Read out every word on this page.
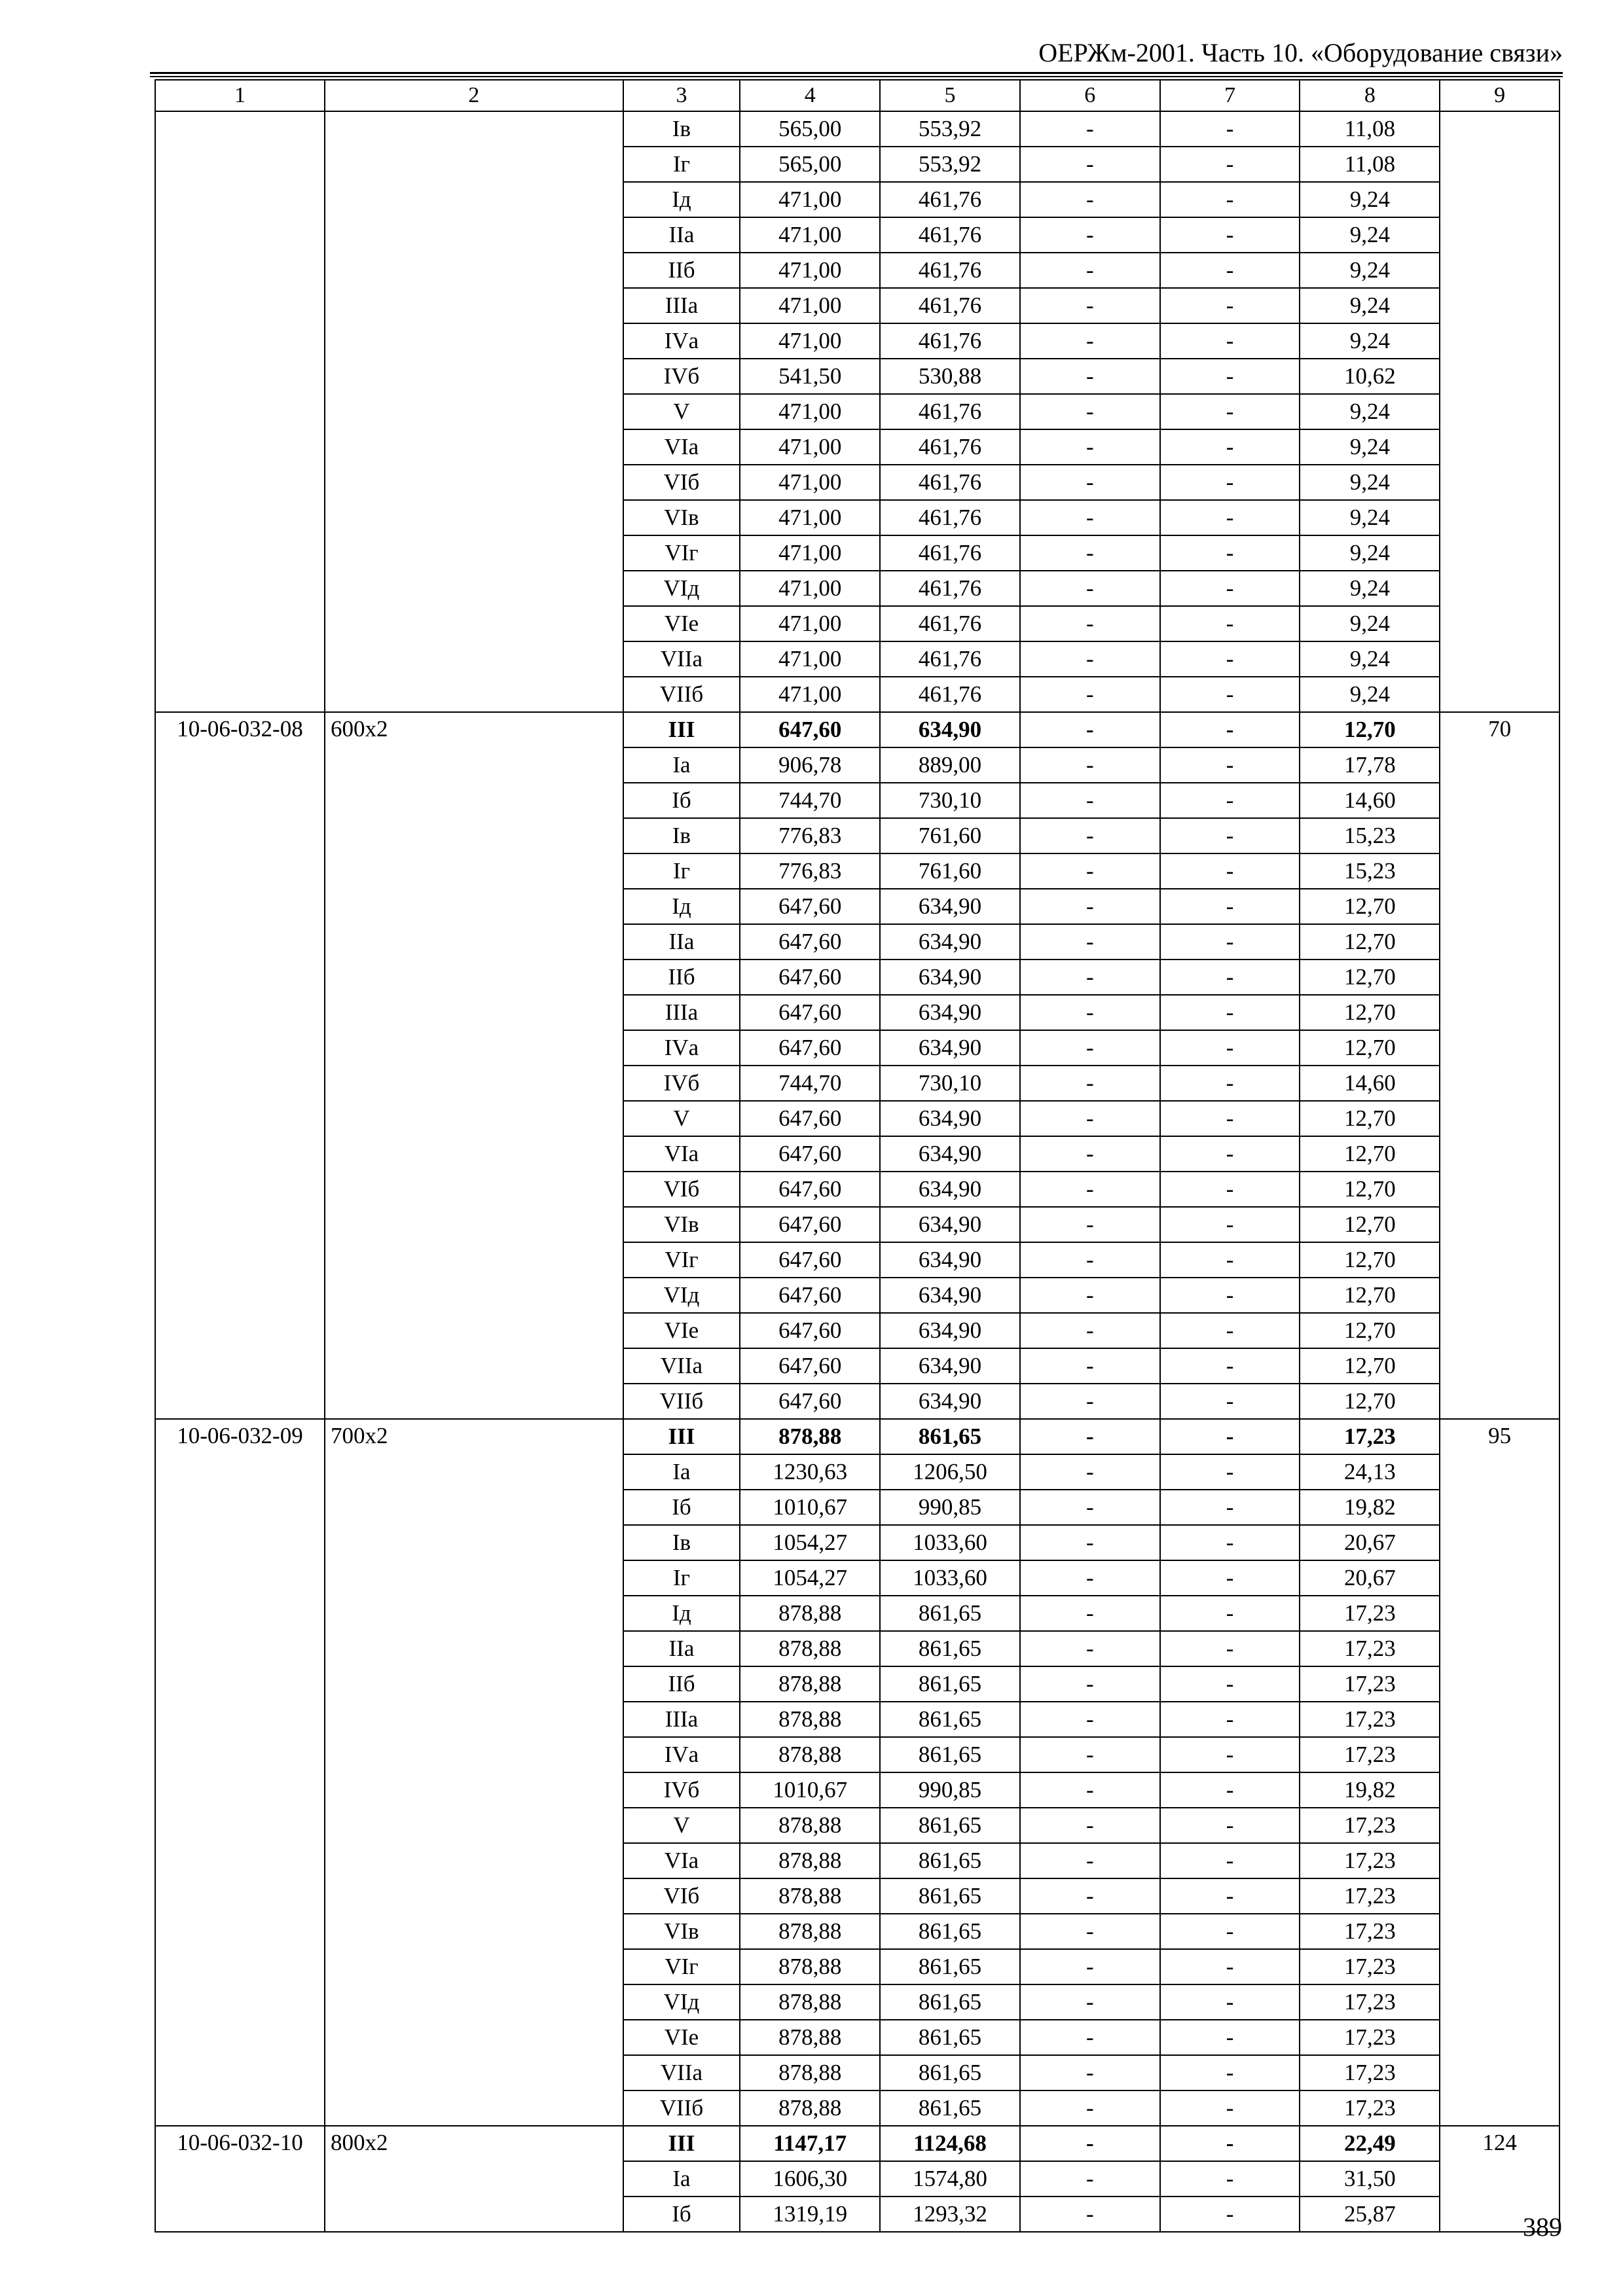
ОЕРЖм-2001. Часть 10. «Оборудование связи»
1	2	3	4	5	6	7	8	9
		Iв	565,00	553,92	-	-	11,08	
		Iг	565,00	553,92	-	-	11,08	
		Iд	471,00	461,76	-	-	9,24	
		IIа	471,00	461,76	-	-	9,24	
		IIб	471,00	461,76	-	-	9,24	
		IIIа	471,00	461,76	-	-	9,24	
		IVа	471,00	461,76	-	-	9,24	
		IVб	541,50	530,88	-	-	10,62	
		V	471,00	461,76	-	-	9,24	
		VIа	471,00	461,76	-	-	9,24	
		VIб	471,00	461,76	-	-	9,24	
		VIв	471,00	461,76	-	-	9,24	
		VIг	471,00	461,76	-	-	9,24	
		VIд	471,00	461,76	-	-	9,24	
		VIе	471,00	461,76	-	-	9,24	
		VIIа	471,00	461,76	-	-	9,24	
		VIIб	471,00	461,76	-	-	9,24	
10-06-032-08	600x2	III	647,60	634,90	-	-	12,70	70
		Iа	906,78	889,00	-	-	17,78	
		Iб	744,70	730,10	-	-	14,60	
		Iв	776,83	761,60	-	-	15,23	
		Iг	776,83	761,60	-	-	15,23	
		Iд	647,60	634,90	-	-	12,70	
		IIа	647,60	634,90	-	-	12,70	
		IIб	647,60	634,90	-	-	12,70	
		IIIа	647,60	634,90	-	-	12,70	
		IVа	647,60	634,90	-	-	12,70	
		IVб	744,70	730,10	-	-	14,60	
		V	647,60	634,90	-	-	12,70	
		VIа	647,60	634,90	-	-	12,70	
		VIб	647,60	634,90	-	-	12,70	
		VIв	647,60	634,90	-	-	12,70	
		VIг	647,60	634,90	-	-	12,70	
		VIд	647,60	634,90	-	-	12,70	
		VIе	647,60	634,90	-	-	12,70	
		VIIа	647,60	634,90	-	-	12,70	
		VIIб	647,60	634,90	-	-	12,70	
10-06-032-09	700x2	III	878,88	861,65	-	-	17,23	95
		Iа	1230,63	1206,50	-	-	24,13	
		Iб	1010,67	990,85	-	-	19,82	
		Iв	1054,27	1033,60	-	-	20,67	
		Iг	1054,27	1033,60	-	-	20,67	
		Iд	878,88	861,65	-	-	17,23	
		IIа	878,88	861,65	-	-	17,23	
		IIб	878,88	861,65	-	-	17,23	
		IIIа	878,88	861,65	-	-	17,23	
		IVа	878,88	861,65	-	-	17,23	
		IVб	1010,67	990,85	-	-	19,82	
		V	878,88	861,65	-	-	17,23	
		VIа	878,88	861,65	-	-	17,23	
		VIб	878,88	861,65	-	-	17,23	
		VIв	878,88	861,65	-	-	17,23	
		VIг	878,88	861,65	-	-	17,23	
		VIд	878,88	861,65	-	-	17,23	
		VIе	878,88	861,65	-	-	17,23	
		VIIа	878,88	861,65	-	-	17,23	
		VIIб	878,88	861,65	-	-	17,23	
10-06-032-10	800x2	III	1147,17	1124,68	-	-	22,49	124
		Iа	1606,30	1574,80	-	-	31,50	
		Iб	1319,19	1293,32	-	-	25,87		389
